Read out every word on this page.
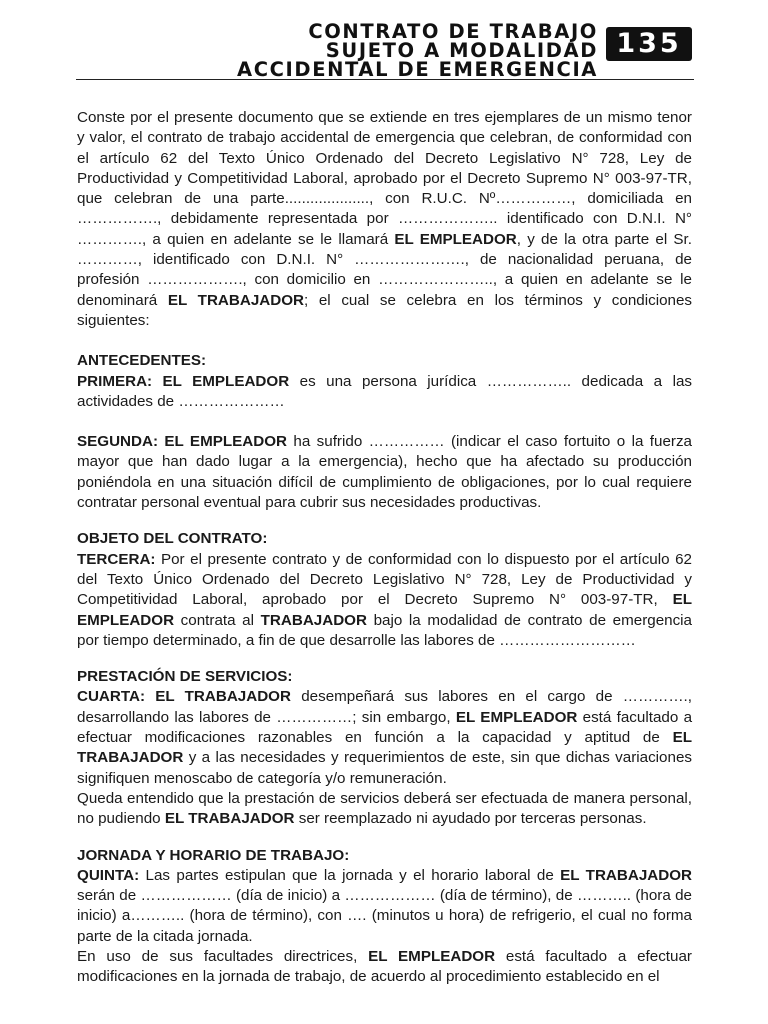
CONTRATO DE TRABAJO
SUJETO A MODALIDAD
ACCIDENTAL DE EMERGENCIA
135

Conste por el presente documento que se extiende en tres ejemplares de un mismo tenor y valor, el contrato de trabajo accidental de emergencia que celebran, de conformidad con el artículo 62 del Texto Único Ordenado del Decreto Legislativo N° 728, Ley de Productividad y Competitividad Laboral, aprobado por el Decreto Supremo N° 003-97-TR, que celebran de una parte...................., con R.U.C. Nº……………, domiciliada en ……………., debidamente representada por ……………….. identificado con D.N.I. N° …………., a quien en adelante se le llamará EL EMPLEADOR, y de la otra parte el Sr. …………, identificado con D.N.I. N° …………………., de nacionalidad peruana, de profesión ………………., con domicilio en ………………….., a quien en adelante se le denominará EL TRABAJADOR; el cual se celebra en los términos y condiciones siguientes:

ANTECEDENTES:

PRIMERA: EL EMPLEADOR es una persona jurídica …………….. dedicada a las actividades de …………………

SEGUNDA: EL EMPLEADOR ha sufrido …………… (indicar el caso fortuito o la fuerza mayor que han dado lugar a la emergencia), hecho que ha afectado su producción poniéndola en una situación difícil de cumplimiento de obligaciones, por lo cual requiere contratar personal eventual para cubrir sus necesidades productivas.

OBJETO DEL CONTRATO:

TERCERA: Por el presente contrato y de conformidad con lo dispuesto por el artículo 62 del Texto Único Ordenado del Decreto Legislativo N° 728, Ley de Productividad y Competitividad Laboral, aprobado por el Decreto Supremo N° 003-97-TR, EL EMPLEADOR contrata al TRABAJADOR bajo la modalidad de contrato de emergencia por tiempo determinado, a fin de que desarrolle las labores de ………………………

PRESTACIÓN DE SERVICIOS:

CUARTA: EL TRABAJADOR desempeñará sus labores en el cargo de …………., desarrollando las labores de ……………; sin embargo, EL EMPLEADOR está facultado a efectuar modificaciones razonables en función a la capacidad y aptitud de EL TRABAJADOR y a las necesidades y requerimientos de este, sin que dichas variaciones signifiquen menoscabo de categoría y/o remuneración.

Queda entendido que la prestación de servicios deberá ser efectuada de manera personal, no pudiendo EL TRABAJADOR ser reemplazado ni ayudado por terceras personas.

JORNADA Y HORARIO DE TRABAJO:

QUINTA: Las partes estipulan que la jornada y el horario laboral de EL TRABAJADOR serán de ……………… (día de inicio) a ……………… (día de término), de ……….. (hora de inicio) a……….. (hora de término), con …. (minutos u hora) de refrigerio, el cual no forma parte de la citada jornada.

En uso de sus facultades directrices, EL EMPLEADOR está facultado a efectuar modificaciones en la jornada de trabajo, de acuerdo al procedimiento establecido en el
